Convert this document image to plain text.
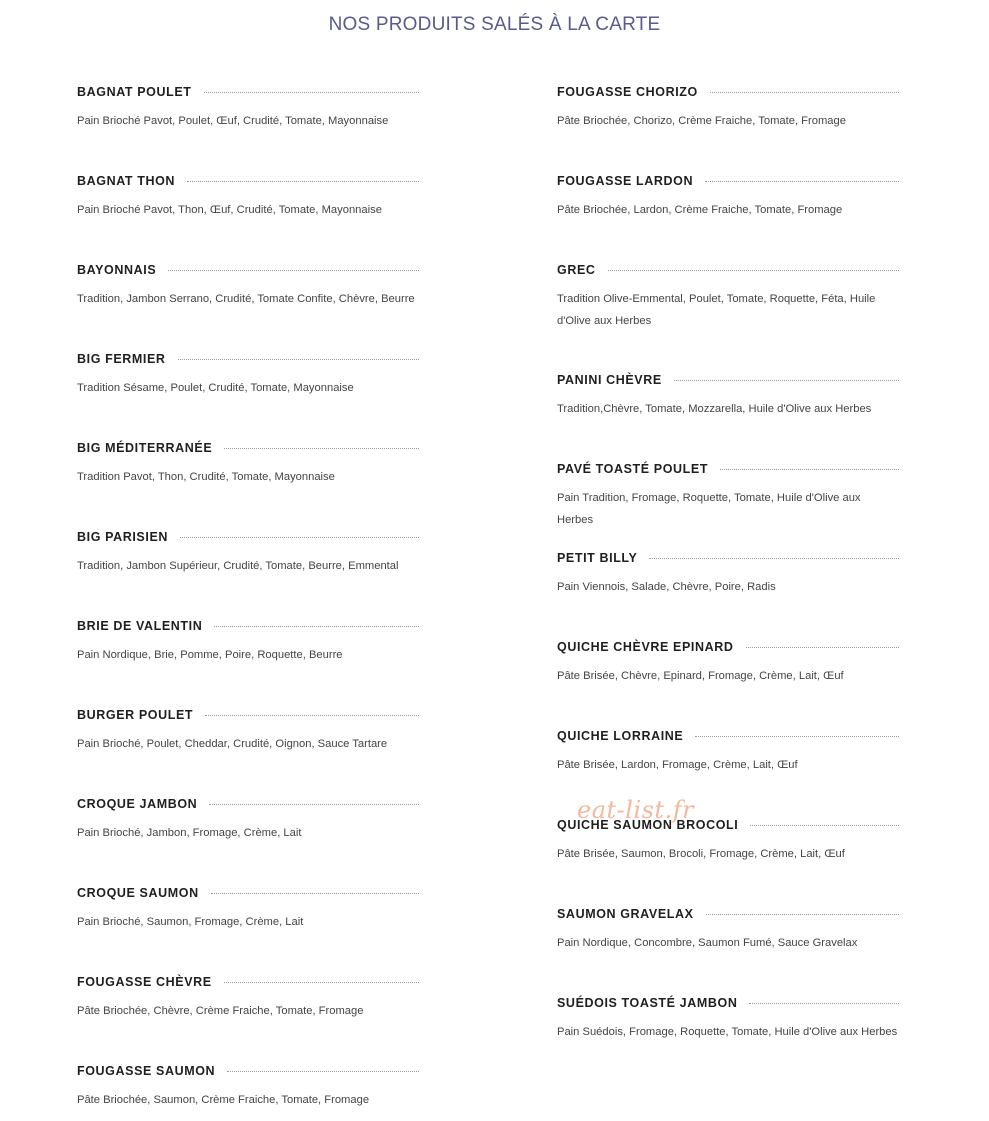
NOS PRODUITS SALÉS À LA CARTE
BAGNAT POULET
Pain Brioché Pavot, Poulet, Œuf, Crudité, Tomate, Mayonnaise
BAGNAT THON
Pain Brioché Pavot, Thon, Œuf, Crudité, Tomate, Mayonnaise
BAYONNAIS
Tradition, Jambon Serrano, Crudité, Tomate Confite, Chèvre, Beurre
BIG FERMIER
Tradition Sésame, Poulet, Crudité, Tomate, Mayonnaise
BIG MÉDITERRANÉE
Tradition Pavot, Thon, Crudité, Tomate, Mayonnaise
BIG PARISIEN
Tradition, Jambon Supérieur, Crudité, Tomate, Beurre, Emmental
BRIE DE VALENTIN
Pain Nordique, Brie, Pomme, Poire, Roquette, Beurre
BURGER POULET
Pain Brioché, Poulet, Cheddar, Crudité, Oignon, Sauce Tartare
CROQUE JAMBON
Pain Brioché, Jambon, Fromage, Crème, Lait
CROQUE SAUMON
Pain Brioché, Saumon, Fromage, Crème, Lait
FOUGASSE CHÈVRE
Pâte Briochée, Chèvre, Crème Fraiche, Tomate, Fromage
FOUGASSE SAUMON
Pâte Briochée, Saumon, Crème Fraiche, Tomate, Fromage
FOUGASSE CHORIZO
Pâte Briochée, Chorizo, Crème Fraiche, Tomate, Fromage
FOUGASSE LARDON
Pâte Briochée, Lardon, Crème Fraiche, Tomate, Fromage
GREC
Tradition Olive-Emmental, Poulet, Tomate, Roquette, Féta, Huile d'Olive aux Herbes
PANINI CHÈVRE
Tradition,Chèvre, Tomate, Mozzarella, Huile d'Olive aux Herbes
PAVÉ TOASTÉ POULET
Pain Tradition, Fromage, Roquette, Tomate, Huile d'Olive aux Herbes
PETIT BILLY
Pain Viennois, Salade, Chèvre, Poire, Radis
QUICHE CHÈVRE EPINARD
Pâte Brisée, Chèvre, Epinard, Fromage, Crème, Lait, Œuf
QUICHE LORRAINE
Pâte Brisée, Lardon, Fromage, Crème, Lait, Œuf
QUICHE SAUMON BROCOLI
Pâte Brisée, Saumon, Brocoli, Fromage, Crème, Lait, Œuf
SAUMON GRAVELAX
Pain Nordique, Concombre, Saumon Fumé, Sauce Gravelax
SUÉDOIS TOASTÉ JAMBON
Pain Suédois, Fromage, Roquette, Tomate, Huile d'Olive aux Herbes
eat-list.fr
